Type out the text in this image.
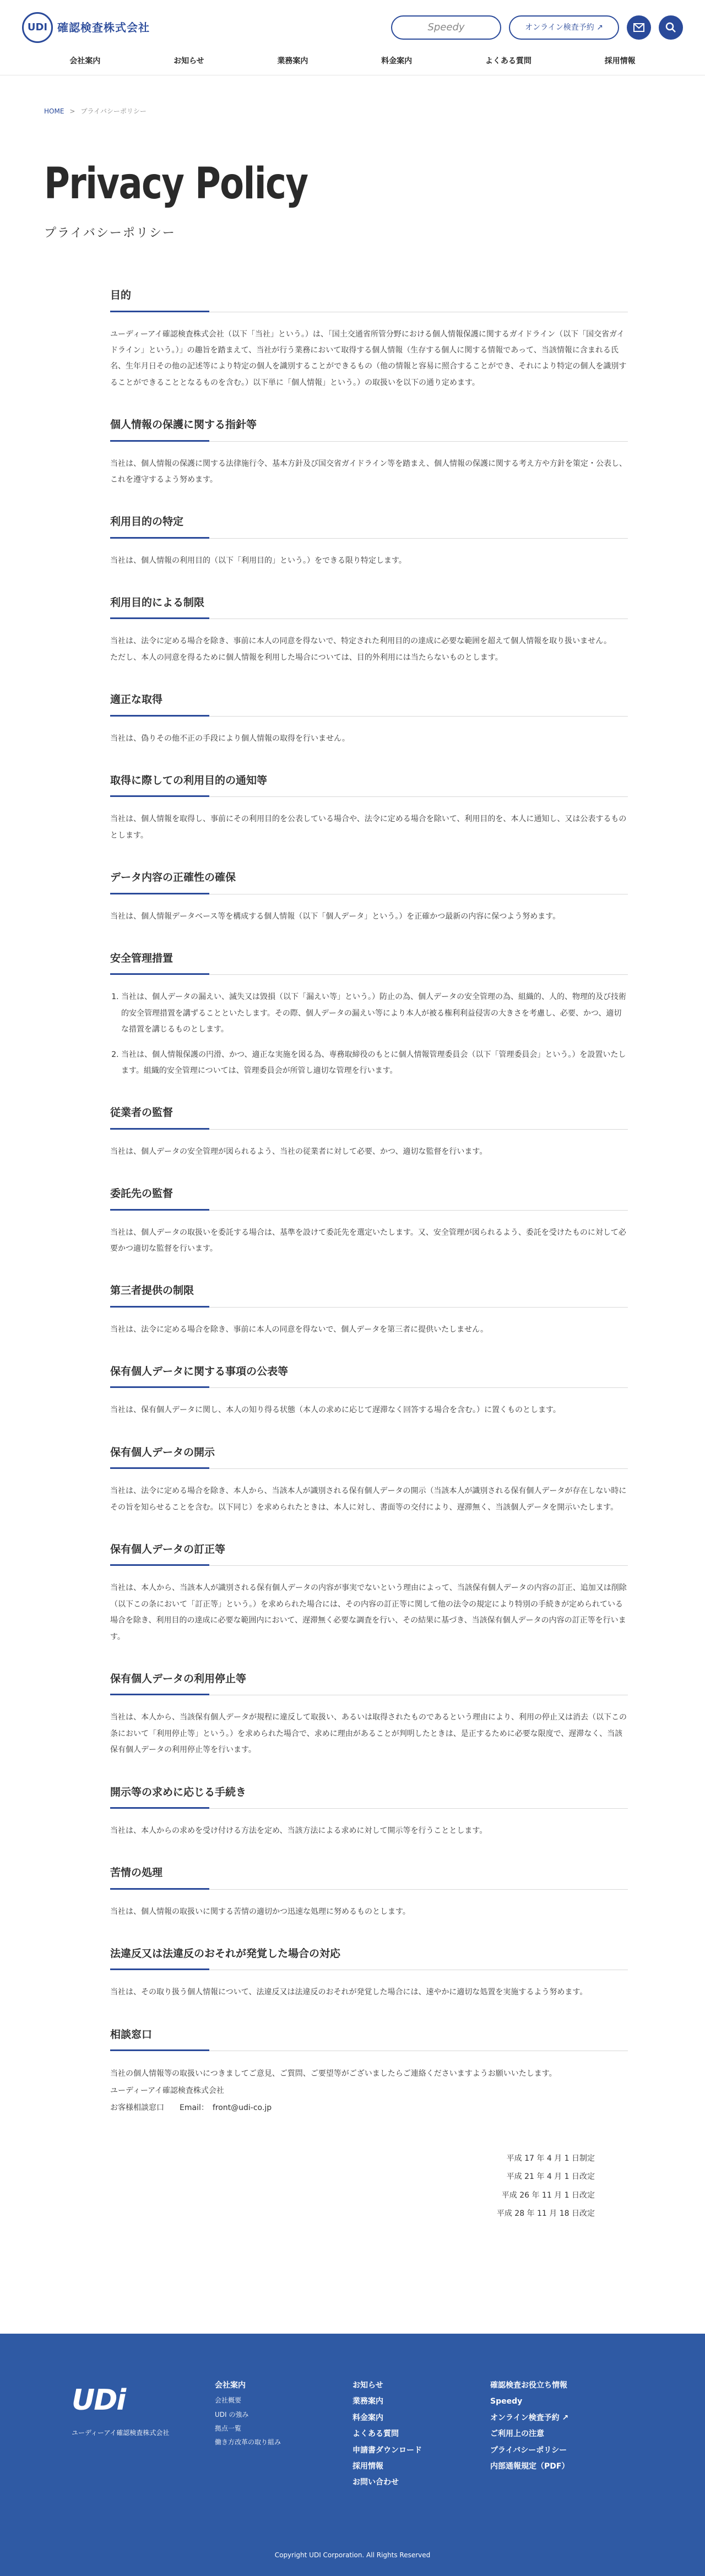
UDI 確認検査株式会社	Speedy	オンライン検査予約 ↗
会社案内	お知らせ	業務案内	料金案内	よくある質問	採用情報
HOME > プライバシーポリシー
Privacy Policy
プライバシーポリシー
目的

ユーディーアイ確認検査株式会社（以下「当社」という。）は、「国土交通省所管分野における個人情報保護に関するガイドライン（以下「国交省ガイドライン」という。）」の趣旨を踏まえて、当社が行う業務において取得する個人情報（生存する個人に関する情報であって、当該情報に含まれる氏名、生年月日その他の記述等により特定の個人を識別することができるもの（他の情報と容易に照合することができ、それにより特定の個人を識別することができることとなるものを含む。）以下単に「個人情報」という。）の取扱いを以下の通り定めます。

個人情報の保護に関する指針等

当社は、個人情報の保護に関する法律施行令、基本方針及び国交省ガイドライン等を踏まえ、個人情報の保護に関する考え方や方針を策定・公表し、これを遵守するよう努めます。

利用目的の特定

当社は、個人情報の利用目的（以下「利用目的」という。）をできる限り特定します。

利用目的による制限

当社は、法令に定める場合を除き、事前に本人の同意を得ないで、特定された利用目的の達成に必要な範囲を超えて個人情報を取り扱いません。
ただし、本人の同意を得るために個人情報を利用した場合については、目的外利用には当たらないものとします。

適正な取得

当社は、偽りその他不正の手段により個人情報の取得を行いません。

取得に際しての利用目的の通知等

当社は、個人情報を取得し、事前にその利用目的を公表している場合や、法令に定める場合を除いて、利用目的を、本人に通知し、又は公表するものとします。

データ内容の正確性の確保

当社は、個人情報データベース等を構成する個人情報（以下「個人データ」という。）を正確かつ最新の内容に保つよう努めます。

安全管理措置
1. 当社は、個人データの漏えい、滅失又は毀損（以下「漏えい等」という。）防止の為、個人データの安全管理の為、組織的、人的、物理的及び技術的安全管理措置を講ずることといたします。その際、個人データの漏えい等により本人が被る権利利益侵害の大きさを考慮し、必要、かつ、適切な措置を講じるものとします。
2. 当社は、個人情報保護の円滑、かつ、適正な実施を図る為、専務取締役のもとに個人情報管理委員会（以下「管理委員会」という。）を設置いたします。組織的安全管理については、管理委員会が所管し適切な管理を行います。
従業者の監督

当社は、個人データの安全管理が図られるよう、当社の従業者に対して必要、かつ、適切な監督を行います。

委託先の監督

当社は、個人データの取扱いを委託する場合は、基準を設けて委託先を選定いたします。又、安全管理が図られるよう、委託を受けたものに対して必要かつ適切な監督を行います。

第三者提供の制限

当社は、法令に定める場合を除き、事前に本人の同意を得ないで、個人データを第三者に提供いたしません。

保有個人データに関する事項の公表等

当社は、保有個人データに関し、本人の知り得る状態（本人の求めに応じて遅滞なく回答する場合を含む。）に置くものとします。

保有個人データの開示

当社は、法令に定める場合を除き、本人から、当該本人が識別される保有個人データの開示（当該本人が識別される保有個人データが存在しない時にその旨を知らせることを含む。以下同じ）を求められたときは、本人に対し、書面等の交付により、遅滞無く、当該個人データを開示いたします。

保有個人データの訂正等

当社は、本人から、当該本人が識別される保有個人データの内容が事実でないという理由によって、当該保有個人データの内容の訂正、追加又は削除（以下この条において「訂正等」という。）を求められた場合には、その内容の訂正等に関して他の法令の規定により特別の手続きが定められている場合を除き、利用目的の達成に必要な範囲内において、遅滞無く必要な調査を行い、その結果に基づき、当該保有個人データの内容の訂正等を行います。

保有個人データの利用停止等

当社は、本人から、当該保有個人データが規程に違反して取扱い、あるいは取得されたものであるという理由により、利用の停止又は消去（以下この条において「利用停止等」という。）を求められた場合で、求めに理由があることが判明したときは、是正するために必要な限度で、遅滞なく、当該保有個人データの利用停止等を行います。

開示等の求めに応じる手続き

当社は、本人からの求めを受け付ける方法を定め、当該方法による求めに対して開示等を行うこととします。

苦情の処理

当社は、個人情報の取扱いに関する苦情の適切かつ迅速な処理に努めるものとします。

法違反又は法違反のおそれが発覚した場合の対応

当社は、その取り扱う個人情報について、法違反又は法違反のおそれが発覚した場合には、速やかに適切な処置を実施するよう努めます。

相談窓口

当社の個人情報等の取扱いにつきましてご意見、ご質問、ご要望等がございましたらご連絡くださいますようお願いいたします。

ユーディーアイ確認検査株式会社

お客様相談窓口　　Email：　front@udi-co.jp

平成 17 年 4 月 1 日制定
平成 21 年 4 月 1 日改定
平成 26 年 11 月 1 日改定
平成 28 年 11 月 18 日改定
UDi
ユーディーアイ確認検査株式会社
会社案内
会社概要
UDI の強み
拠点一覧
働き方改革の取り組み
お知らせ
業務案内
料金案内
よくある質問
申請書ダウンロード
採用情報
お問い合わせ
確認検査お役立ち情報
Speedy
オンライン検査予約 ↗
ご利用上の注意
プライバシーポリシー
内部通報規定（PDF）
Copyright UDI Corporation. All Rights Reserved
